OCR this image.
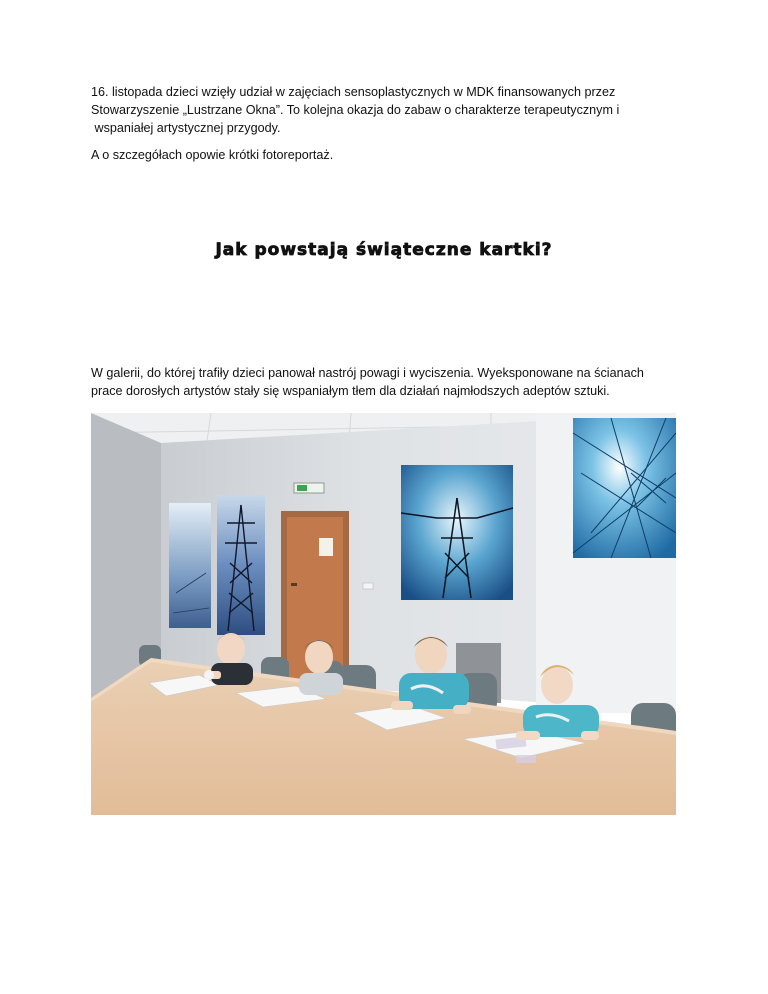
16. listopada dzieci wzięły udział w zajęciach sensoplastycznych w MDK finansowanych przez
Stowarzyszenie „Lustrzane Okna”. To kolejna okazja do zabaw o charakterze terapeutycznym i
wspaniałej artystycznej przygody.

A o szczegółach opowie krótki fotoreportaż.

Jak powstają świąteczne kartki?

W galerii, do której trafiły dzieci panował nastrój powagi i wyciszenia. Wyeksponowane na ścianach
prace dorosłych artystów stały się wspaniałym tłem dla działań najmłodszych adeptów sztuki.
